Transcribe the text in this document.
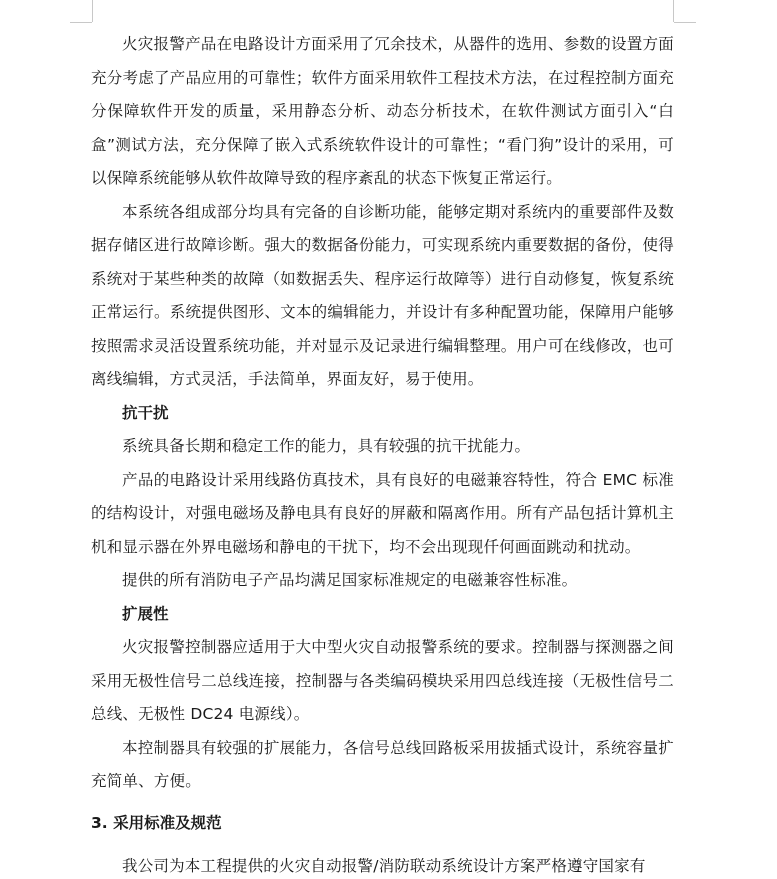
火灾报警产品在电路设计方面采用了冗余技术，从器件的选用、参数的设置方面充分考虑了产品应用的可靠性；软件方面采用软件工程技术方法，在过程控制方面充分保障软件开发的质量，采用静态分析、动态分析技术，在软件测试方面引入“白盒”测试方法，充分保障了嵌入式系统软件设计的可靠性；“看门狗”设计的采用，可以保障系统能够从软件故障导致的程序紊乱的状态下恢复正常运行。

本系统各组成部分均具有完备的自诊断功能，能够定期对系统内的重要部件及数据存储区进行故障诊断。强大的数据备份能力，可实现系统内重要数据的备份，使得系统对于某些种类的故障（如数据丢失、程序运行故障等）进行自动修复，恢复系统正常运行。系统提供图形、文本的编辑能力，并设计有多种配置功能，保障用户能够按照需求灵活设置系统功能，并对显示及记录进行编辑整理。用户可在线修改，也可离线编辑，方式灵活，手法简单，界面友好，易于使用。

抗干扰

系统具备长期和稳定工作的能力，具有较强的抗干扰能力。

产品的电路设计采用线路仿真技术，具有良好的电磁兼容特性，符合 EMC 标准的结构设计，对强电磁场及静电具有良好的屏蔽和隔离作用。所有产品包括计算机主机和显示器在外界电磁场和静电的干扰下，均不会出现现仟何画面跳动和扰动。

提供的所有消防电子产品均满足国家标准规定的电磁兼容性标准。

扩展性

火灾报警控制器应适用于大中型火灾自动报警系统的要求。控制器与探测器之间采用无极性信号二总线连接，控制器与各类编码模块采用四总线连接（无极性信号二总线、无极性 DC24 电源线）。

本控制器具有较强的扩展能力，各信号总线回路板采用拔插式设计，系统容量扩充简单、方便。

3. 采用标准及规范

我公司为本工程提供的火灾自动报警/消防联动系统设计方案严格遵守国家有
